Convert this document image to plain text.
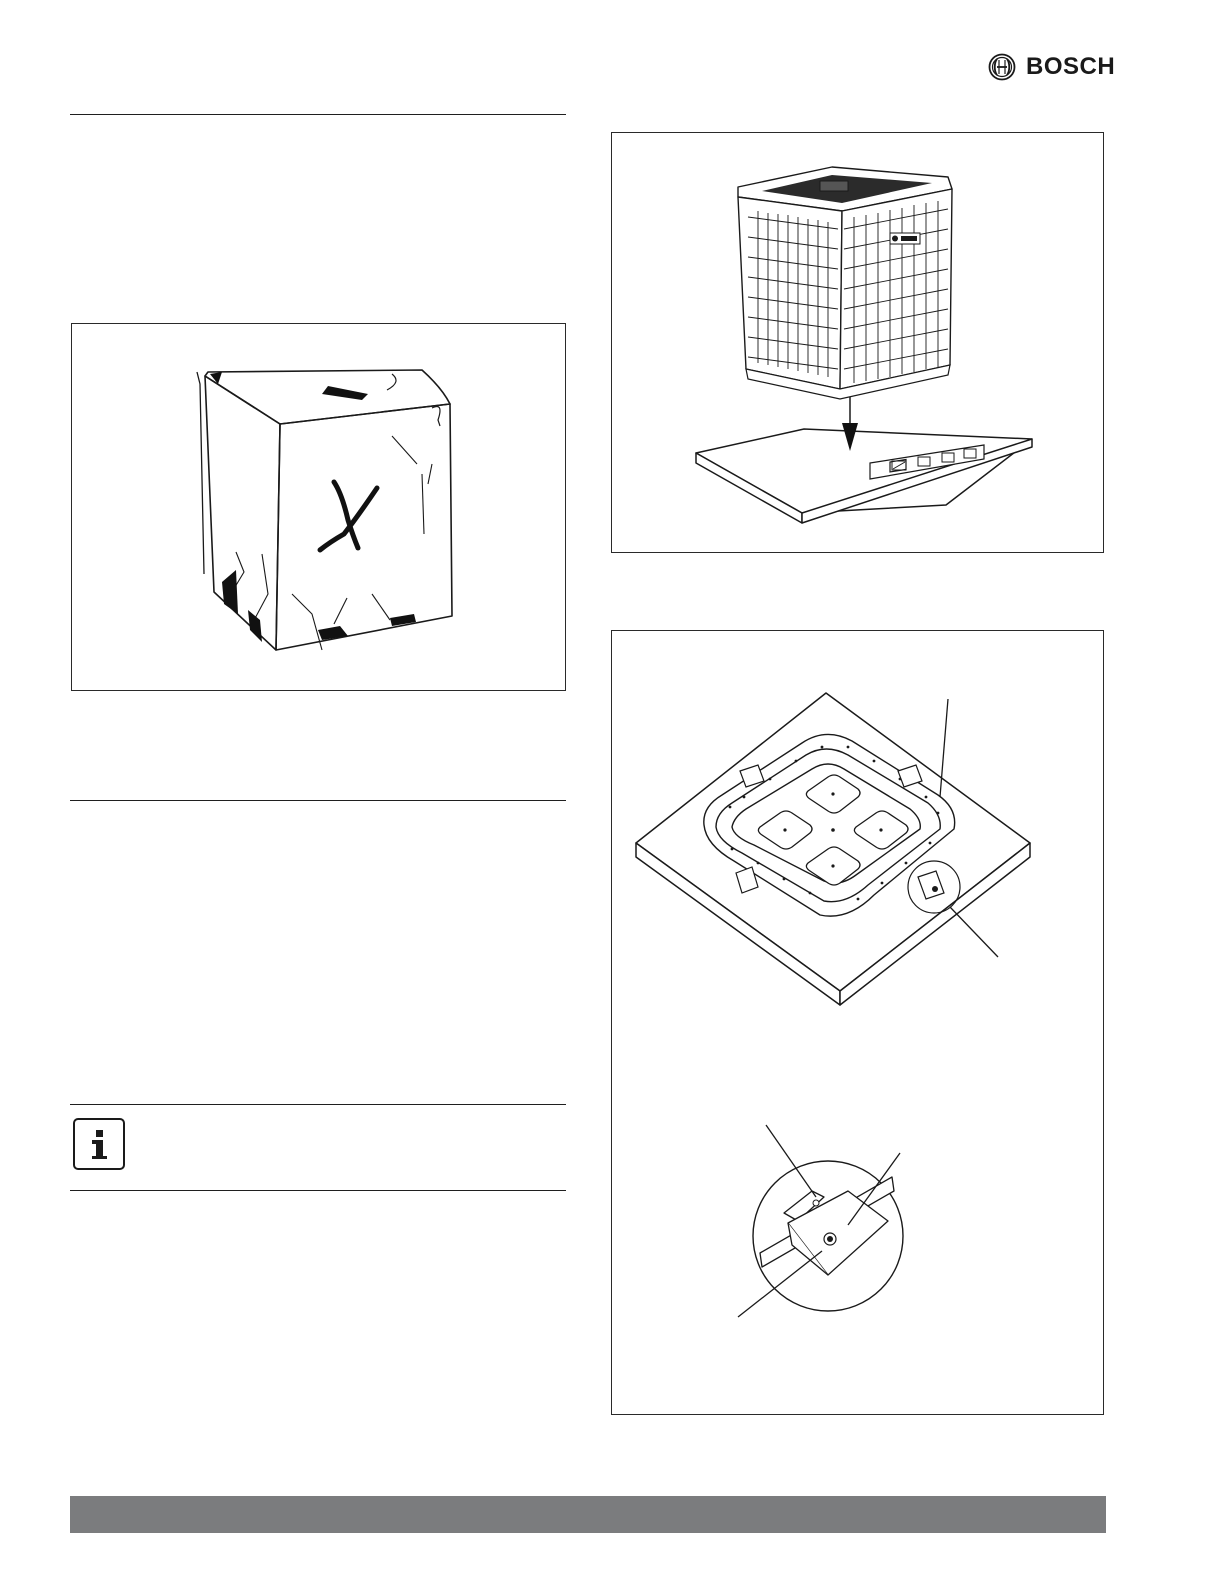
BOSCH
X
